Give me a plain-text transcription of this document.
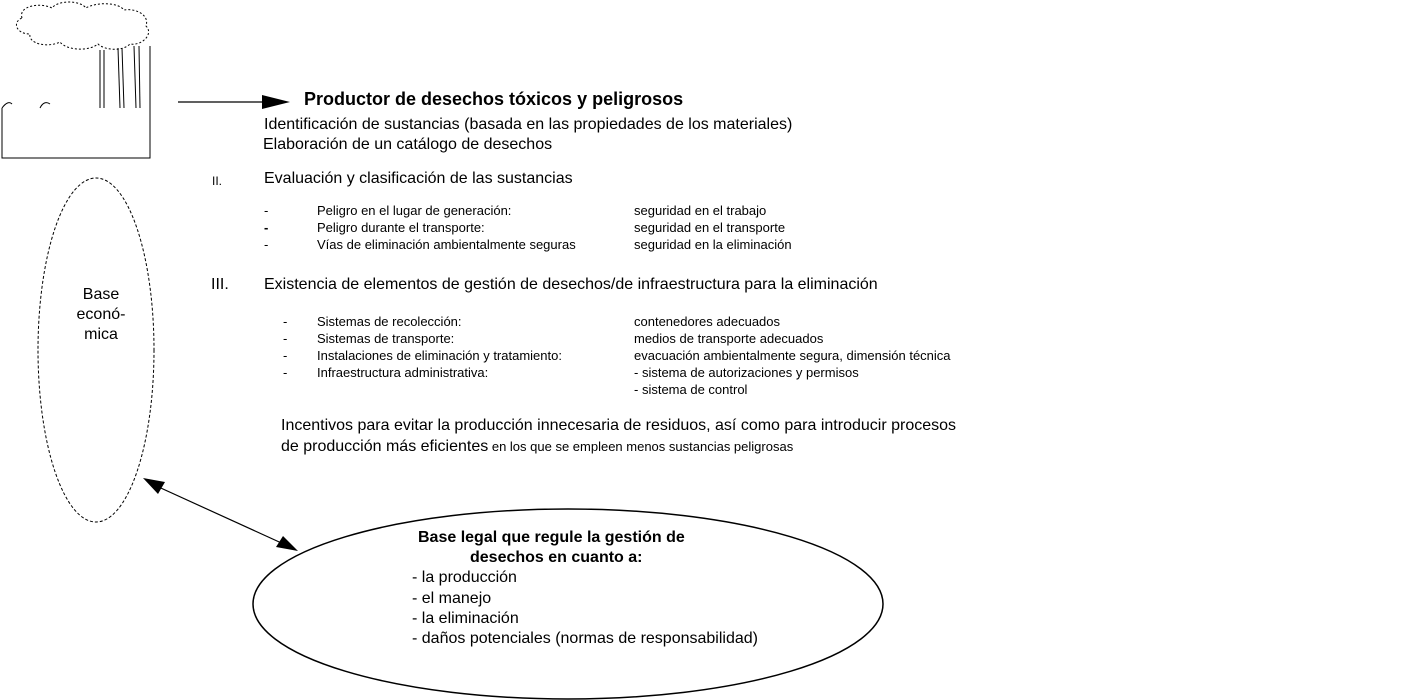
Productor de desechos tóxicos y peligrosos
Identificación de sustancias (basada en las propiedades de los materiales)
Elaboración de un catálogo de desechos
II.	Evaluación y clasificación de las sustancias
-	Peligro en el lugar de generación:	seguridad en el trabajo
-	Peligro durante el transporte:	seguridad en el transporte
-	Vías de eliminación ambientalmente seguras	seguridad en la eliminación
III. Existencia de elementos de gestión de desechos/de infraestructura para la eliminación
- Sistemas de recolección:	contenedores adecuados
- Sistemas de transporte:	medios de transporte adecuados
- Instalaciones de eliminación y tratamiento:	evacuación ambientalmente segura, dimensión técnica
- Infraestructura administrativa:	- sistema de autorizaciones y permisos
- sistema de control
Incentivos para evitar la producción innecesaria de residuos, así como para introducir procesos
de producción más eficientes en los que se empleen menos sustancias peligrosas
Base
econó-
mica
Base legal que regule la gestión de
desechos en cuanto a:
- la producción
- el manejo
- la eliminación
- daños potenciales (normas de responsabilidad)
